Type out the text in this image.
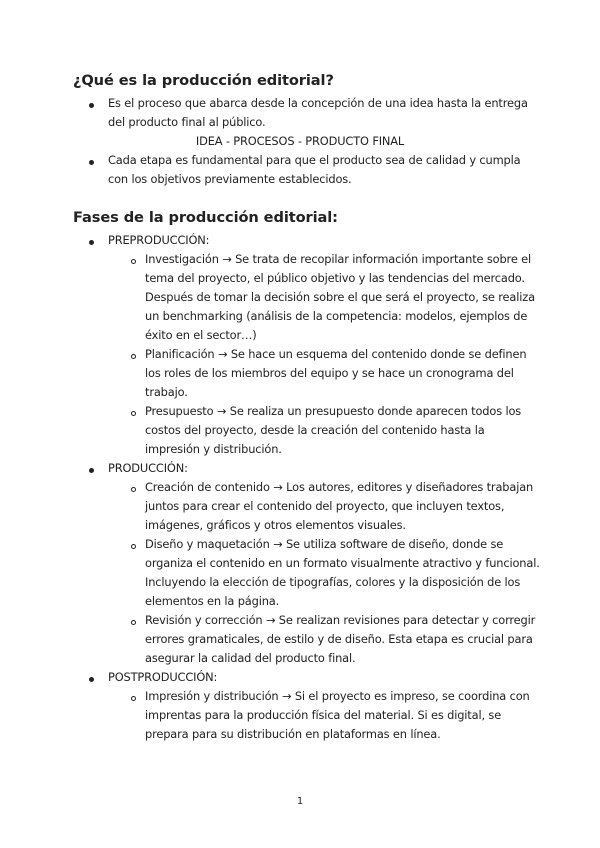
¿Qué es la producción editorial?

Es el proceso que abarca desde la concepción de una idea hasta la entrega

del producto final al público.

IDEA - PROCESOS - PRODUCTO FINAL

Cada etapa es fundamental para que el producto sea de calidad y cumpla

con los objetivos previamente establecidos.

Fases de la producción editorial:

PREPRODUCCIÓN:

Investigación → Se trata de recopilar información importante sobre el

tema del proyecto, el público objetivo y las tendencias del mercado.

Después de tomar la decisión sobre el que será el proyecto, se realiza

un benchmarking (análisis de la competencia: modelos, ejemplos de

éxito en el sector…)

Planificación → Se hace un esquema del contenido donde se definen

los roles de los miembros del equipo y se hace un cronograma del

trabajo.

Presupuesto → Se realiza un presupuesto donde aparecen todos los

costos del proyecto, desde la creación del contenido hasta la

impresión y distribución.

PRODUCCIÓN:

Creación de contenido → Los autores, editores y diseñadores trabajan

juntos para crear el contenido del proyecto, que incluyen textos,

imágenes, gráficos y otros elementos visuales.

Diseño y maquetación → Se utiliza software de diseño, donde se

organiza el contenido en un formato visualmente atractivo y funcional.

Incluyendo la elección de tipografías, colores y la disposición de los

elementos en la página.

Revisión y corrección → Se realizan revisiones para detectar y corregir

errores gramaticales, de estilo y de diseño. Esta etapa es crucial para

asegurar la calidad del producto final.

POSTPRODUCCIÓN:

Impresión y distribución → Si el proyecto es impreso, se coordina con

imprentas para la producción física del material. Si es digital, se

prepara para su distribución en plataformas en línea.

1
